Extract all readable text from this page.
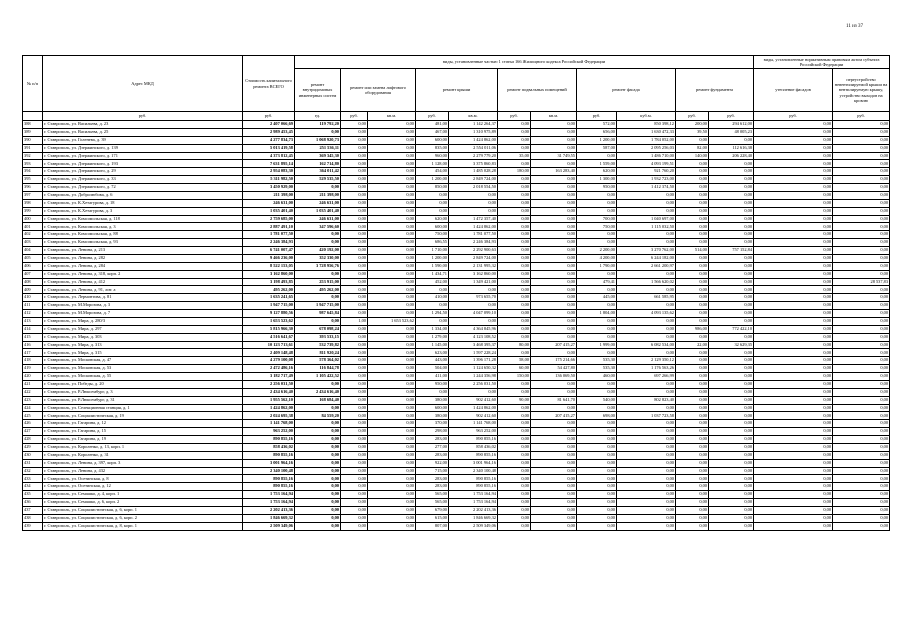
11 из 37
№ п/п	Адрес МКД	Стоимость капитального ремонта ВСЕГО	виды, установленные частью 1 статьи 166 Жилищного кодекса Российской Федерации											виды, установленные нормативным правовым актом субъекта Российской Федерации		
			ремонт внутридомовых инженерных систем	ремонт или замена лифтового оборудования		ремонт крыши		ремонт подвальных помещений		ремонт фасада		ремонт фундамента		утепление фасадов	переустройство невентилируемой крыши на вентилируемую крышу, устройство выходов на кровлю	
	руб.	руб.	ед.	руб.	кв.м.	руб.	кв.м.	руб.	кв.м.	руб.	куб.м.	руб.	руб.	руб.	руб.	
388	г. Ставрополь, ул. Васильева, д. 23	2 407 066,69	119 792,20	0,00	0,00	481,00	1 142 264,37	0,00	0,00	572,00	850 398,12	200,00	294 612,00	0,00	0,00	
389	г. Ставрополь, ул. Васильева, д. 25	2 989 453,45	0,00	0,00	0,00	467,00	1 310 975,89	0,00	0,00	656,00	1 630 472,33	39,50	48 005,23	0,00	0,00	
390	г. Ставрополь, ул. Голенева, д. 39	4 277 834,73	1 068 920,73	0,00	0,00	600,00	1 424 862,00	0,00	0,00	1 200,00	1 784 052,00	0,00	0,00	0,00	0,00	
391	г. Ставрополь, ул. Дзержинского, д. 139	5 013 419,58	251 536,11	0,00	0,00	835,00	2 554 011,06	0,00	0,00	587,00	2 095 256,03	82,00	112 616,38	0,00	0,00	
392	г. Ставрополь, ул. Дзержинского, д. 171	4 373 812,45	369 345,30	0,00	0,00	960,00	2 279 779,20	35,00	31 749,55	0,00	1 486 710,00	140,00	206 228,40	0,00	0,00	
393	г. Ставрополь, ул. Дзержинского, д. 193	7 631 895,14	162 714,80	0,00	0,00	1 128,00	3 375 860,83	0,00	0,00	1 559,00	4 093 199,51	0,00	0,00	0,00	0,00	
394	г. Ставрополь, ул. Дзержинского, д. 29	2 954 083,30	364 011,42	0,00	0,00	454,00	1 485 028,28	180,00	163 283,40	620,00	921 760,20	0,00	0,00	0,00	0,00	
395	г. Ставрополь, ул. Дзержинского, д. 33	5 311 982,50	529 535,50	0,00	0,00	1 200,00	2 849 724,00	0,00	0,00	1 300,00	1 932 723,00	0,00	0,00	0,00	0,00	
396	г. Ставрополь, ул. Дзержинского, д. 72	3 450 929,00	0,00	0,00	0,00	850,00	2 018 554,50	0,00	0,00	950,00	1 412 374,50	0,00	0,00	0,00	0,00	
397	г. Ставрополь, ул. Добролюбова, д. 6	211 398,00	211 398,00	0,00	0,00	0,00	0,00	0,00	0,00	0,00	0,00	0,00	0,00	0,00	0,00	
398	г. Ставрополь, ул. К.Хетагурова, д. 18	246 631,00	246 631,00	0,00	0,00	0,00	0,00	0,00	0,00	0,00	0,00	0,00	0,00	0,00	0,00	
399	г. Ставрополь, ул. К.Хетагурова, д. 3	1 035 401,40	1 035 401,40	0,00	0,00	0,00	0,00	0,00	0,00	0,00	0,00	0,00	0,00	0,00	0,00	
400	г. Ставрополь, ул. Комсомольская, д. 118	2 759 685,00	246 631,00	0,00	0,00	620,00	1 472 357,40	0,00	0,00	700,00	1 040 697,00	0,00	0,00	0,00	0,00	
401	г. Ставрополь, ул. Комсомольская, д. 3	2 887 491,10	347 596,60	0,00	0,00	600,00	1 424 862,00	0,00	0,00	750,00	1 115 032,50	0,00	0,00	0,00	0,00	
402	г. Ставрополь, ул. Комсомольская, д. 88	1 781 077,50	0,00	0,00	0,00	750,00	1 781 077,50	0,00	0,00	0,00	0,00	0,00	0,00	0,00	0,00	
403	г. Ставрополь, ул. Комсомольская, д. 93	2 246 384,93	0,00	0,00	0,00	686,55	2 246 384,93	0,00	0,00	0,00	0,00	0,00	0,00	0,00	0,00	
404	г. Ставрополь, ул. Ленина, д. 213	6 741 007,47	420 192,00	0,00	0,00	1 710,00	2 292 900,63	0,00	0,00	2 200,00	3 270 762,00	514,00	757 152,84	0,00	0,00	
405	г. Ставрополь, ул. Ленина, д. 282	9 466 236,00	352 330,00	0,00	0,00	1 200,00	2 849 724,00	0,00	0,00	4 200,00	6 244 182,00	0,00	0,00	0,00	0,00	
406	г. Ставрополь, ул. Ленина, д. 284	8 522 153,05	3 728 956,76	0,00	0,00	1 590,00	2 131 995,32	0,00	0,00	1 790,00	2 661 200,97	0,00	0,00	0,00	0,00	
407	г. Ставрополь, ул. Ленина, д. 318, корп. 2	3 162 860,00	0,00	0,00	0,00	1 434,71	3 162 860,00	0,00	0,00	0,00	0,00	0,00	0,00	0,00	0,00	
408	г. Ставрополь, ул. Ленина, д. 412	3 198 493,85	253 915,00	0,00	0,00	452,00	1 349 421,00	0,00	0,00	479,41	1 566 620,02	0,00	0,00	0,00	28 537,83	
409	г. Ставрополь, ул. Ленина, д. 91, лит. а	495 262,00	495 262,00	0,00	0,00	0,00	0,00	0,00	0,00	0,00	0,00	0,00	0,00	0,00	0,00	
410	г. Ставрополь, ул. Лермонтова, д. 81	1 635 241,65	0,00	0,00	0,00	410,00	973 655,70	0,00	0,00	445,00	661 585,95	0,00	0,00	0,00	0,00	
411	г. Ставрополь, ул. М.Морозова, д. 3	1 947 715,00	1 947 715,00	0,00	0,00	0,00	0,00	0,00	0,00	0,00	0,00	0,00	0,00	0,00	0,00	
412	г. Ставрополь, ул. М.Морозова, д. 7	9 127 880,56	987 645,84	0,00	0,00	1 294,50	4 047 099,10	0,00	0,00	1 804,00	4 093 135,62	0,00	0,00	0,00	0,00	
413	г. Ставрополь, ул. Мира, д. 280/3	1 653 523,62	0,00	1,00	1 653 523,62	0,00	0,00	0,00	0,00	0,00	0,00	0,00	0,00	0,00	0,00	
414	г. Ставрополь, ул. Мира, д. 297	5 815 966,30	678 098,24	0,00	0,00	1 334,00	4 364 845,96	0,00	0,00	0,00	0,00	986,00	772 422,10	0,00	0,00	
415	г. Ставрополь, ул. Мира, д. 303	4 516 641,67	393 533,15	0,00	0,00	1 279,00	4 123 108,52	0,00	0,00	0,00	0,00	0,00	0,00	0,00	0,00	
416	г. Ставрополь, ул. Мира, д. 313	10 123 713,61	532 739,82	0,00	0,00	1 145,00	3 468 395,37	80,00	207 415,27	1 999,00	6 082 534,00	22,00	32 629,35	0,00	0,00	
417	г. Ставрополь, ул. Мира, д. 315	2 409 148,48	811 920,24	0,00	0,00	623,00	1 597 228,24	0,00	0,00	0,00	0,00	0,00	0,00	0,00	0,00	
418	г. Ставрополь, ул. Московская, д. 47	4 279 100,08	578 364,02	0,00	0,00	443,00	1 396 171,28	58,00	175 214,66	535,30	2 129 350,12	0,00	0,00	0,00	0,00	
419	г. Ставрополь, ул. Московская, д. 53	2 472 486,16	116 844,78	0,00	0,00	504,00	1 124 650,32	60,00	54 427,80	535,30	1 176 563,26	0,00	0,00	0,00	0,00	
420	г. Ставрополь, ул. Московская, д. 55	3 182 717,49	1 105 422,52	0,00	0,00	411,00	1 244 356,98	150,00	136 069,50	460,00	697 266,99	0,00	0,00	0,00	0,00	
421	г. Ставрополь, ул. Победы, д. 20	2 256 031,50	0,00	0,00	0,00	950,00	2 256 031,50	0,00	0,00	0,00	0,00	0,00	0,00	0,00	0,00	
422	г. Ставрополь, ул. Р.Люксембург, д. 3	2 434 616,40	2 434 616,40	0,00	0,00	0,00	0,00	0,00	0,00	0,00	0,00	0,00	0,00	0,00	0,00	
423	г. Ставрополь, ул. Р.Люксембург, д. 31	1 955 562,10	168 684,40	0,00	0,00	380,00	902 412,60	90,00	81 641,70	540,00	802 823,40	0,00	0,00	0,00	0,00	
424	г. Ставрополь, ул. Селекционная станция, д. 1	1 424 862,00	0,00	0,00	0,00	600,00	1 424 862,00	0,00	0,00	0,00	0,00	0,00	0,00	0,00	0,00	
425	г. Ставрополь, ул. Социалистическая, д. 19	2 024 695,38	84 559,20	0,00	0,00	380,00	902 412,60	0,00	207 415,27	698,00	1 037 723,58	0,00	0,00	0,00	0,00	
426	г. Ставрополь, ул. Гагарина, д. 12	1 141 768,00	0,00	0,00	0,00	370,00	1 141 768,00	0,00	0,00	0,00	0,00	0,00	0,00	0,00	0,00	
427	г. Ставрополь, ул. Гагарина, д. 15	963 252,00	0,00	0,00	0,00	298,00	963 252,00	0,00	0,00	0,00	0,00	0,00	0,00	0,00	0,00	
428	г. Ставрополь, ул. Гагарина, д. 19	890 855,16	0,00	0,00	0,00	283,00	890 855,16	0,00	0,00	0,00	0,00	0,00	0,00	0,00	0,00	
429	г. Ставрополь, ул. Короленко, д. 13, корп. 1	858 436,02	0,00	0,00	0,00	277,00	858 436,02	0,00	0,00	0,00	0,00	0,00	0,00	0,00	0,00	
430	г. Ставрополь, ул. Короленко, д. 31	890 855,16	0,00	0,00	0,00	283,00	890 855,16	0,00	0,00	0,00	0,00	0,00	0,00	0,00	0,00	
431	г. Ставрополь, ул. Ленина, д. 397, корп. 3	3 001 964,16	0,00	0,00	0,00	922,00	3 001 964,16	0,00	0,00	0,00	0,00	0,00	0,00	0,00	0,00	
432	г. Ставрополь, ул. Ленина, д. 432	2 340 100,48	0,00	0,00	0,00	715,00	2 340 100,48	0,00	0,00	0,00	0,00	0,00	0,00	0,00	0,00	
433	г. Ставрополь, ул. Осетинская, д. 8	890 855,16	0,00	0,00	0,00	283,00	890 855,16	0,00	0,00	0,00	0,00	0,00	0,00	0,00	0,00	
434	г. Ставрополь, ул. Осетинская, д. 12	890 855,16	0,00	0,00	0,00	283,00	890 855,16	0,00	0,00	0,00	0,00	0,00	0,00	0,00	0,00	
435	г. Ставрополь, ул. Семашко, д. 4, корп. 1	1 753 164,94	0,00	0,00	0,00	565,00	1 753 164,94	0,00	0,00	0,00	0,00	0,00	0,00	0,00	0,00	
436	г. Ставрополь, ул. Семашко, д. 6, корп. 2	1 753 164,94	0,00	0,00	0,00	565,00	1 753 164,94	0,00	0,00	0,00	0,00	0,00	0,00	0,00	0,00	
437	г. Ставрополь, ул. Социалистическая, д. 6, корп. 1	2 202 413,36	0,00	0,00	0,00	679,00	2 202 413,36	0,00	0,00	0,00	0,00	0,00	0,00	0,00	0,00	
438	г. Ставрополь, ул. Социалистическая, д. 6, корп. 2	1 846 669,32	0,00	0,00	0,00	615,00	1 846 669,32	0,00	0,00	0,00	0,00	0,00	0,00	0,00	0,00	
439	г. Ставрополь, ул. Социалистическая, д. 8, корп. 1	2 509 349,06	0,00	0,00	0,00	807,00	2 509 349,06	0,00	0,00	0,00	0,00	0,00	0,00	0,00	0,00	
